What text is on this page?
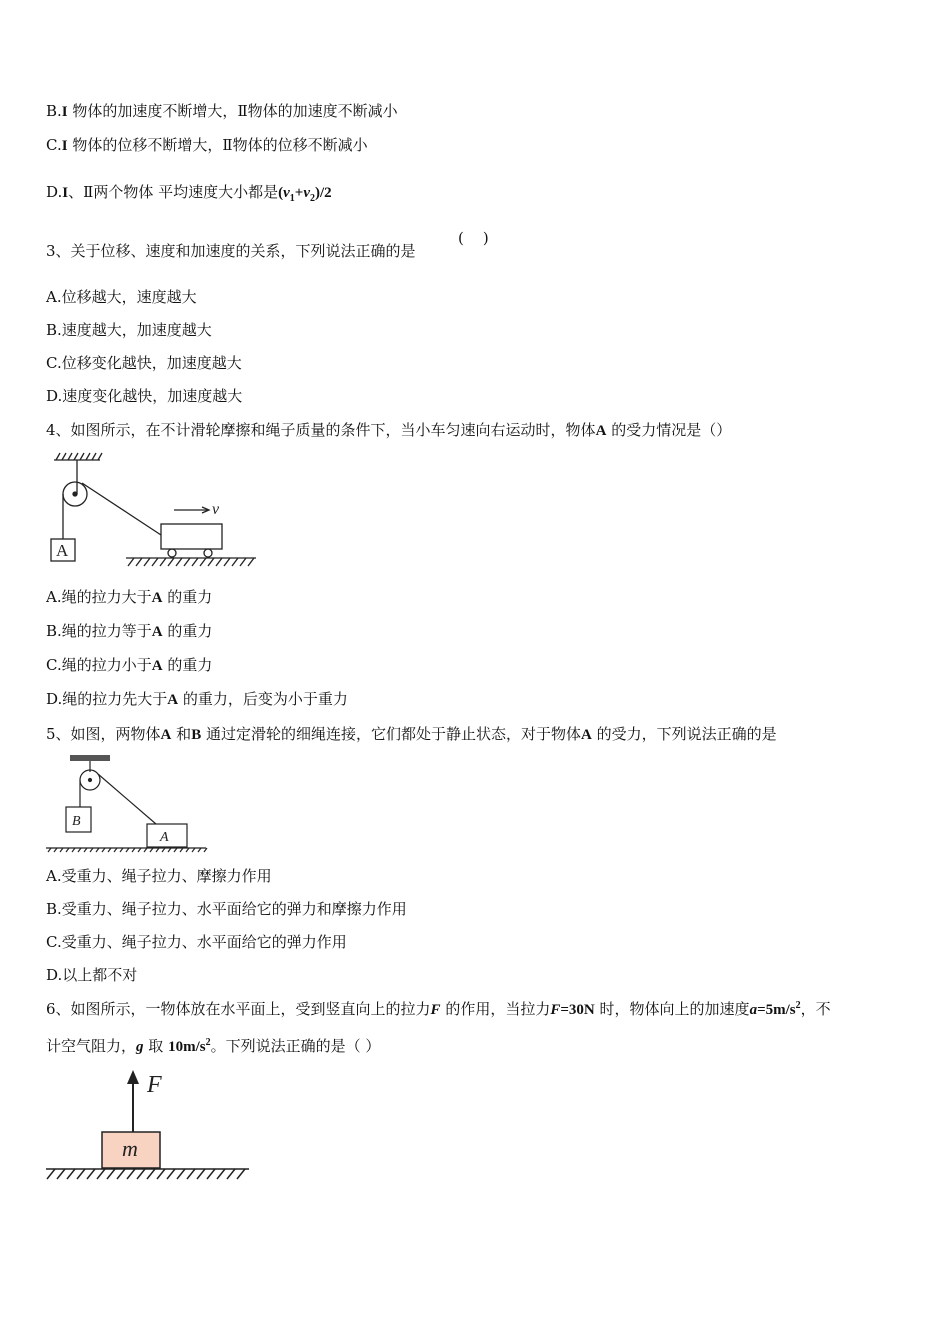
B.I 物体的加速度不断增大，Ⅱ物体的加速度不断减小
C.I 物体的位移不断增大，Ⅱ物体的位移不断减小
D.I、Ⅱ两个物体 平均速度大小都是$(v_1+v_2)/2$
3、关于位移、速度和加速度的关系，下列说法正确的是
(    )
A.位移越大，速度越大
B.速度越大，加速度越大
C.位移变化越快，加速度越大
D.速度变化越快，加速度越大
4、如图所示，在不计滑轮摩擦和绳子质量的条件下，当小车匀速向右运动时，物体A 的受力情况是（）
A
v
A.绳的拉力大于A 的重力
B.绳的拉力等于A 的重力
C.绳的拉力小于A 的重力
D.绳的拉力先大于A 的重力，后变为小于重力
5、如图，两物体A 和B 通过定滑轮的细绳连接，它们都处于静止状态，对于物体A 的受力，下列说法正确的是
B
A
A.受重力、绳子拉力、摩擦力作用
B.受重力、绳子拉力、水平面给它的弹力和摩擦力作用
C.受重力、绳子拉力、水平面给它的弹力作用
D.以上都不对
6、如图所示，一物体放在水平面上，受到竖直向上的拉力F 的作用，当拉力F=30N 时，物体向上的加速度$a=5m/s^2$，不
计空气阻力，g 取 $10m/s^2$。下列说法正确的是（ ）
F
m
